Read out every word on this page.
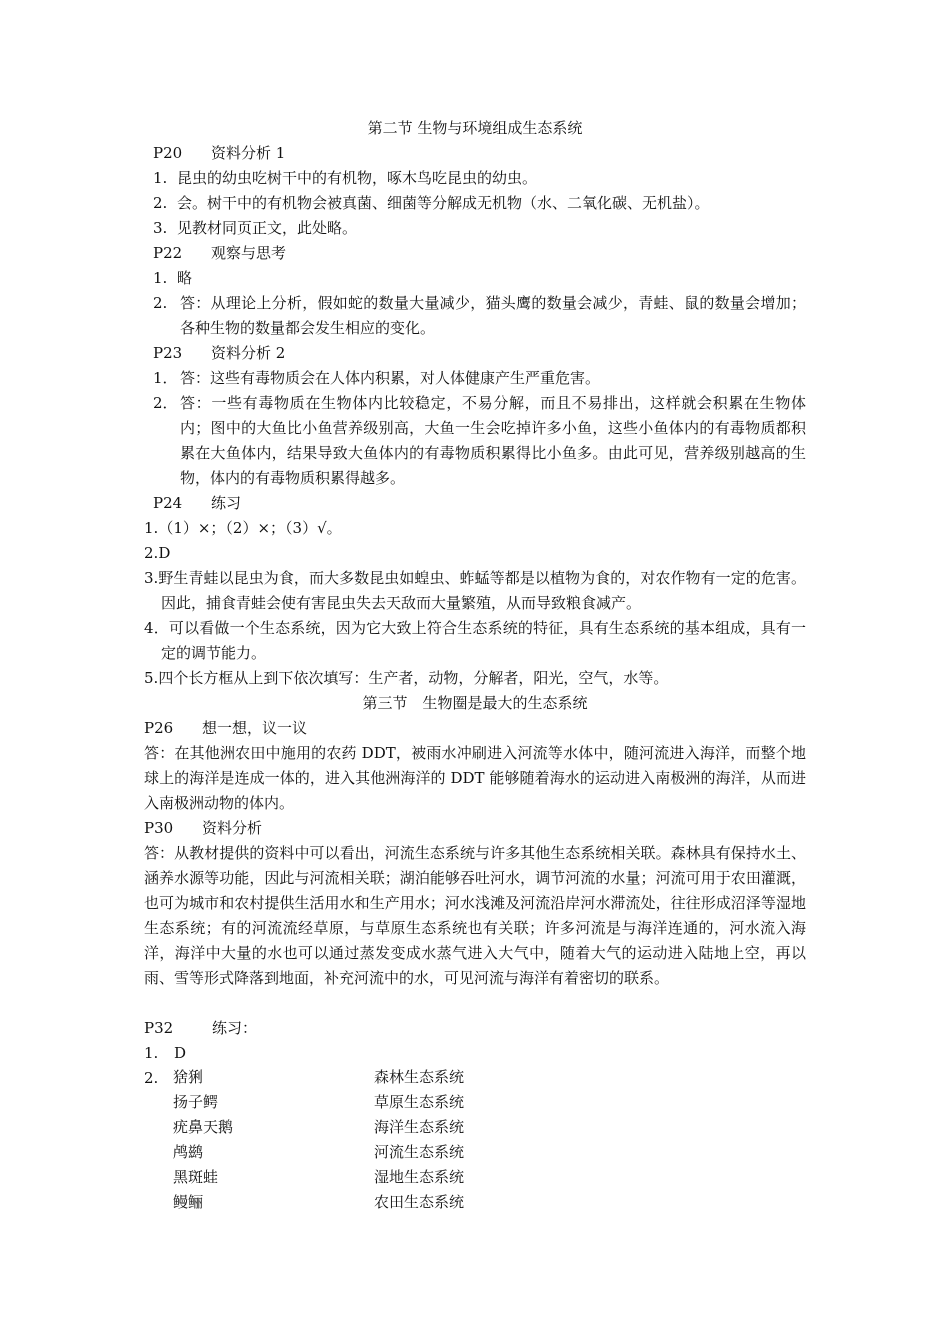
第二节 生物与环境组成生态系统
P20 资料分析 1
1. 昆虫的幼虫吃树干中的有机物，啄木鸟吃昆虫的幼虫。
2. 会。树干中的有机物会被真菌、细菌等分解成无机物（水、二氧化碳、无机盐）。
3. 见教材同页正文，此处略。
P22 观察与思考
1. 略
2. 答：从理论上分析，假如蛇的数量大量减少，猫头鹰的数量会减少，青蛙、鼠的数量会增加；各种生物的数量都会发生相应的变化。
P23 资料分析 2
1． 答：这些有毒物质会在人体内积累，对人体健康产生严重危害。
2． 答：一些有毒物质在生物体内比较稳定，不易分解，而且不易排出，这样就会积累在生物体内；图中的大鱼比小鱼营养级别高，大鱼一生会吃掉许多小鱼，这些小鱼体内的有毒物质都积累在大鱼体内，结果导致大鱼体内的有毒物质积累得比小鱼多。由此可见，营养级别越高的生物，体内的有毒物质积累得越多。
P24 练习
1.（1）×；（2）×；（3）√。
2.D
3.野生青蛙以昆虫为食，而大多数昆虫如蝗虫、蚱蜢等都是以植物为食的，对农作物有一定的危害。因此，捕食青蛙会使有害昆虫失去天敌而大量繁殖，从而导致粮食减产。
4．可以看做一个生态系统，因为它大致上符合生态系统的特征，具有生态系统的基本组成，具有一定的调节能力。
5.四个长方框从上到下依次填写：生产者，动物，分解者，阳光，空气，水等。
第三节　生物圈是最大的生态系统
P26 想一想，议一议
答：在其他洲农田中施用的农药 DDT，被雨水冲刷进入河流等水体中，随河流进入海洋，而整个地球上的海洋是连成一体的，进入其他洲海洋的 DDT 能够随着海水的运动进入南极洲的海洋，从而进入南极洲动物的体内。
P30 资料分析
答：从教材提供的资料中可以看出，河流生态系统与许多其他生态系统相关联。森林具有保持水土、涵养水源等功能，因此与河流相关联；湖泊能够吞吐河水，调节河流的水量；河流可用于农田灌溉，也可为城市和农村提供生活用水和生产用水；河水浅滩及河流沿岸河水滞流处，往往形成沼泽等湿地生态系统；有的河流流经草原，与草原生态系统也有关联；许多河流是与海洋连通的，河水流入海洋，海洋中大量的水也可以通过蒸发变成水蒸气进入大气中，随着大气的运动进入陆地上空，再以雨、雪等形式降落到地面，补充河流中的水，可见河流与海洋有着密切的联系。
P32	练习：
1. D
2. 猞猁	森林生态系统
扬子鳄	草原生态系统
疣鼻天鹅	海洋生态系统
鸬鹚	河流生态系统
黑斑蛙	湿地生态系统
鳗鲡	农田生态系统
